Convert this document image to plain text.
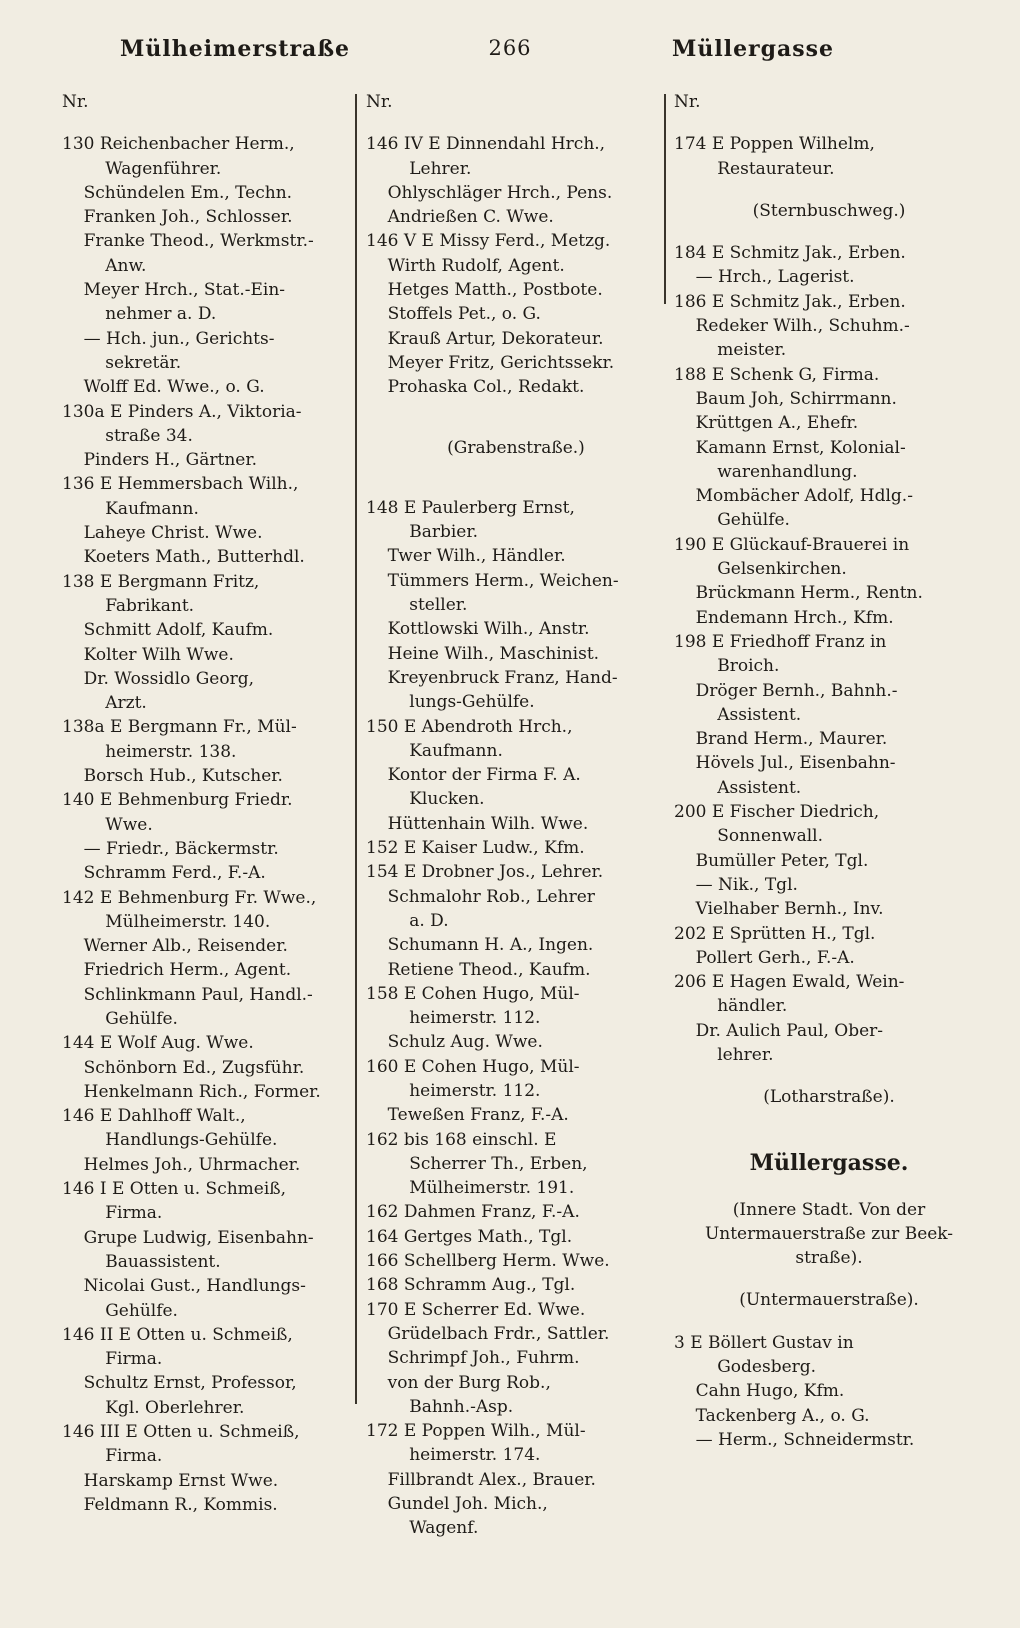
Mülheimerstraße	266	Müllergasse
Nr.
130 Reichenbacher Herm.,
Wagenführer.
Schündelen Em., Techn.
Franken Joh., Schlosser.
Franke Theod., Werkmstr.-
Anw.
Meyer Hrch., Stat.-Ein-
nehmer a. D.
— Hch. jun., Gerichts-
sekretär.
Wolff Ed. Wwe., o. G.
130a E Pinders A., Viktoria-
straße 34.
Pinders H., Gärtner.
136 E Hemmersbach Wilh.,
Kaufmann.
Laheye Christ. Wwe.
Koeters Math., Butterhdl.
138 E Bergmann Fritz,
Fabrikant.
Schmitt Adolf, Kaufm.
Kolter Wilh Wwe.
Dr. Wossidlo Georg,
Arzt.
138a E Bergmann Fr., Mül-
heimerstr. 138.
Borsch Hub., Kutscher.
140 E Behmenburg Friedr.
Wwe.
— Friedr., Bäckermstr.
Schramm Ferd., F.-A.
142 E Behmenburg Fr. Wwe.,
Mülheimerstr. 140.
Werner Alb., Reisender.
Friedrich Herm., Agent.
Schlinkmann Paul, Handl.-
Gehülfe.
144 E Wolf Aug. Wwe.
Schönborn Ed., Zugsführ.
Henkelmann Rich., Former.
146 E Dahlhoff Walt.,
Handlungs-Gehülfe.
Helmes Joh., Uhrmacher.
146 I E Otten u. Schmeiß,
Firma.
Grupe Ludwig, Eisenbahn-
Bauassistent.
Nicolai Gust., Handlungs-
Gehülfe.
146 II E Otten u. Schmeiß,
Firma.
Schultz Ernst, Professor,
Kgl. Oberlehrer.
146 III E Otten u. Schmeiß,
Firma.
Harskamp Ernst Wwe.
Feldmann R., Kommis.
Nr.
146 IV E Dinnendahl Hrch.,
Lehrer.
Ohlyschläger Hrch., Pens.
Andrießen C. Wwe.
146 V E Missy Ferd., Metzg.
Wirth Rudolf, Agent.
Hetges Matth., Postbote.
Stoffels Pet., o. G.
Krauß Artur, Dekorateur.
Meyer Fritz, Gerichtssekr.
Prohaska Col., Redakt.
(Grabenstraße.)
148 E Paulerberg Ernst,
Barbier.
Twer Wilh., Händler.
Tümmers Herm., Weichen-
steller.
Kottlowski Wilh., Anstr.
Heine Wilh., Maschinist.
Kreyenbruck Franz, Hand-
lungs-Gehülfe.
150 E Abendroth Hrch.,
Kaufmann.
Kontor der Firma F. A.
Klucken.
Hüttenhain Wilh. Wwe.
152 E Kaiser Ludw., Kfm.
154 E Drobner Jos., Lehrer.
Schmalohr Rob., Lehrer
a. D.
Schumann H. A., Ingen.
Retiene Theod., Kaufm.
158 E Cohen Hugo, Mül-
heimerstr. 112.
Schulz Aug. Wwe.
160 E Cohen Hugo, Mül-
heimerstr. 112.
Teweßen Franz, F.-A.
162 bis 168 einschl. E
Scherrer Th., Erben,
Mülheimerstr. 191.
162 Dahmen Franz, F.-A.
164 Gertges Math., Tgl.
166 Schellberg Herm. Wwe.
168 Schramm Aug., Tgl.
170 E Scherrer Ed. Wwe.
Grüdelbach Frdr., Sattler.
Schrimpf Joh., Fuhrm.
von der Burg Rob.,
Bahnh.-Asp.
172 E Poppen Wilh., Mül-
heimerstr. 174.
Fillbrandt Alex., Brauer.
Gundel Joh. Mich.,
Wagenf.
Nr.
174 E Poppen Wilhelm,
Restaurateur.
(Sternbuschweg.)
184 E Schmitz Jak., Erben.
— Hrch., Lagerist.
186 E Schmitz Jak., Erben.
Redeker Wilh., Schuhm.-
meister.
188 E Schenk G, Firma.
Baum Joh, Schirrmann.
Krüttgen A., Ehefr.
Kamann Ernst, Kolonial-
warenhandlung.
Mombächer Adolf, Hdlg.-
Gehülfe.
190 E Glückauf-Brauerei in
Gelsenkirchen.
Brückmann Herm., Rentn.
Endemann Hrch., Kfm.
198 E Friedhoff Franz in
Broich.
Dröger Bernh., Bahnh.-
Assistent.
Brand Herm., Maurer.
Hövels Jul., Eisenbahn-
Assistent.
200 E Fischer Diedrich,
Sonnenwall.
Bumüller Peter, Tgl.
— Nik., Tgl.
Vielhaber Bernh., Inv.
202 E Sprütten H., Tgl.
Pollert Gerh., F.-A.
206 E Hagen Ewald, Wein-
händler.
Dr. Aulich Paul, Ober-
lehrer.
(Lotharstraße).
Müllergasse.
(Innere Stadt. Von der
Untermauerstraße zur Beek-
straße).
(Untermauerstraße).
3 E Böllert Gustav in
Godesberg.
Cahn Hugo, Kfm.
Tackenberg A., o. G.
— Herm., Schneidermstr.
